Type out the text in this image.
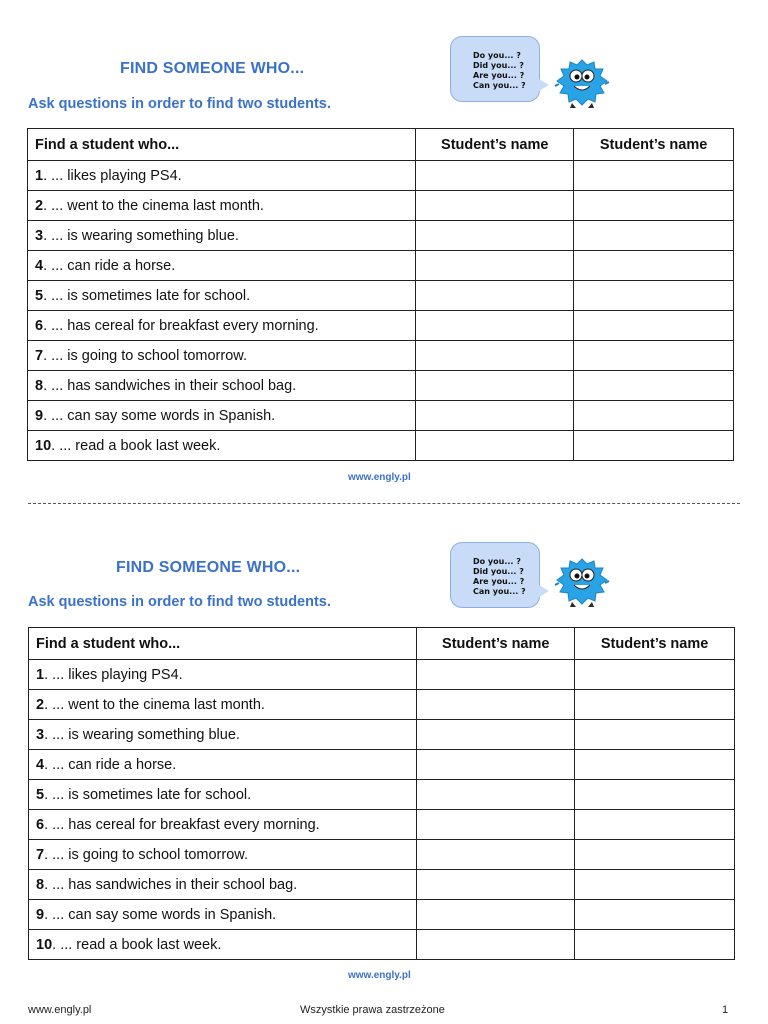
FIND SOMEONE WHO...
Ask questions in order to find two students.
Do you... ?
Did you... ?
Are you... ?
Can you... ?
Find a student who...	Student’s name	Student’s name
1. ... likes playing PS4.		
2. ... went to the cinema last month.		
3. ... is wearing something blue.		
4. ... can ride a horse.		
5. ... is sometimes late for school.		
6. ... has cereal for breakfast every morning.		
7. ... is going to school tomorrow.		
8. ... has sandwiches in their school bag.		
9. ... can say some words in Spanish.		
10. ... read a book last week.		
www.engly.pl
FIND SOMEONE WHO...
Ask questions in order to find two students.
Do you... ?
Did you... ?
Are you... ?
Can you... ?
Find a student who...	Student’s name	Student’s name
1. ... likes playing PS4.		
2. ... went to the cinema last month.		
3. ... is wearing something blue.		
4. ... can ride a horse.		
5. ... is sometimes late for school.		
6. ... has cereal for breakfast every morning.		
7. ... is going to school tomorrow.		
8. ... has sandwiches in their school bag.		
9. ... can say some words in Spanish.		
10. ... read a book last week.		
www.engly.pl
www.engly.pl	Wszystkie prawa zastrzeżone	1
